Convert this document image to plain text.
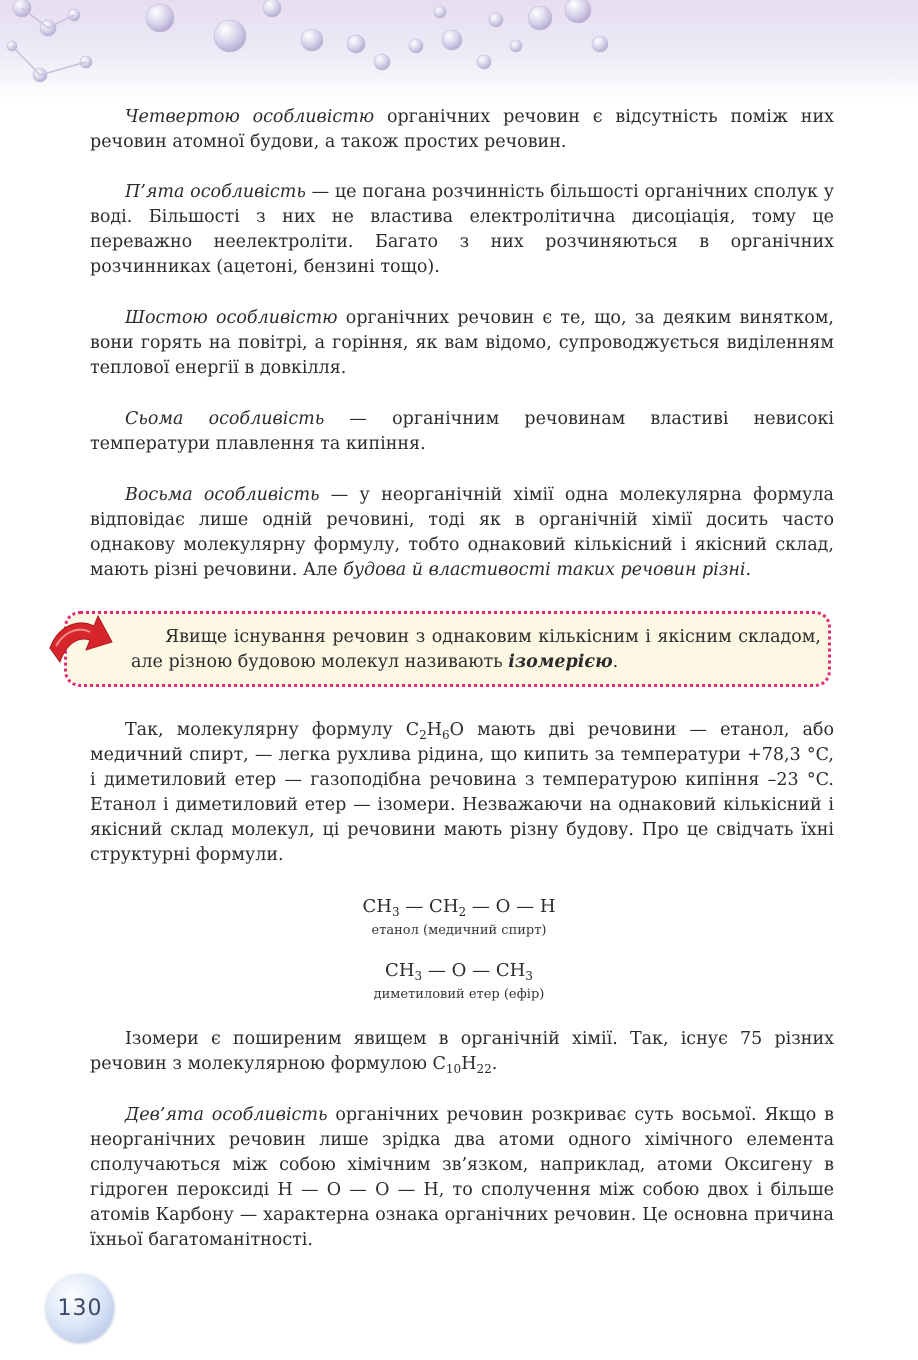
Четвертою особливістю органічних речовин є відсутність поміж них речовин атомної будови, а також простих речовин.

П’ята особливість — це погана розчинність більшості органічних сполук у воді. Більшості з них не властива електролітична дисоціація, тому це переважно неелектроліти. Багато з них розчиняються в органічних розчинниках (ацетоні, бензині тощо).

Шостою особливістю органічних речовин є те, що, за деяким винятком, вони горять на повітрі, а горіння, як вам відомо, супроводжується виділенням теплової енергії в довкілля.

Сьома особливість — органічним речовинам властиві невисокі температури плавлення та кипіння.

Восьма особливість — у неорганічній хімії одна молекулярна формула відповідає лише одній речовині, тоді як в органічній хімії досить часто однакову молекулярну формулу, тобто однаковий кількісний і якісний склад, мають різні речовини. Але будова й властивості таких речовин різні.

Явище існування речовин з однаковим кількісним і якісним складом, але різною будовою молекул називають ізомерією.

Так, молекулярну формулу $C_2H_6O$ мають дві речовини — етанол, або медичний спирт, — легка рухлива рідина, що кипить за температури +78,3 °C, і диметиловий етер — газоподібна речовина з температурою кипіння –23 °C. Етанол і диметиловий етер — ізомери. Незважаючи на однаковий кількісний і якісний склад молекул, ці речовини мають різну будову. Про це свідчать їхні структурні формули.

$CH_3$ — $CH_2$ — O — H
етанол (медичний спирт)
$CH_3$ — O — $CH_3$
диметиловий етер (ефір)

Ізомери є поширеним явищем в органічній хімії. Так, існує 75 різних речовин з молекулярною формулою $C_{10}H_{22}$.

Дев’ята особливість органічних речовин розкриває суть восьмої. Якщо в неорганічних речовин лише зрідка два атоми одного хімічного елемента сполучаються між собою хімічним зв’язком, наприклад, атоми Оксигену в гідроген пероксиді H — O — O — H, то сполучення між собою двох і більше атомів Карбону — характерна ознака органічних речовин. Це основна причина їхньої багатоманітності.

130
